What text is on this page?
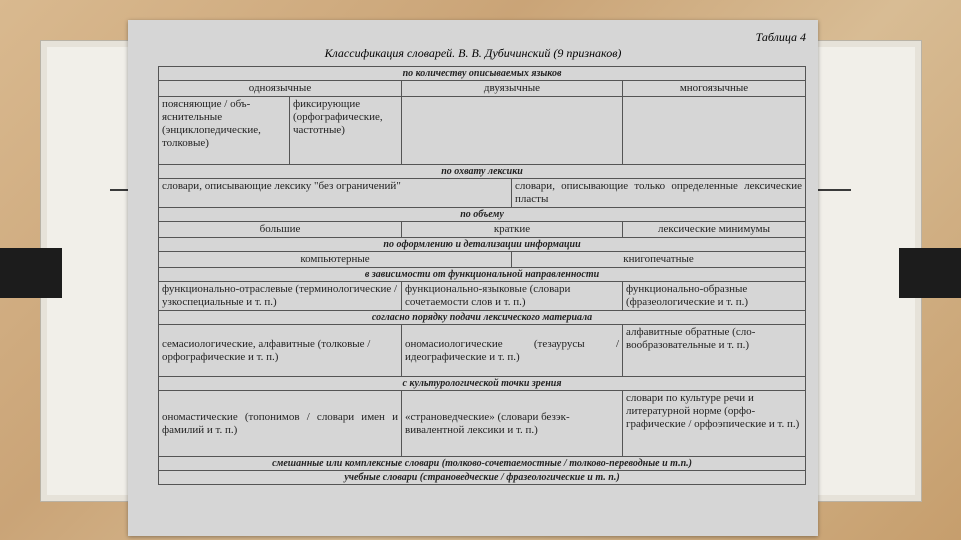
Таблица 4
Классификация словарей. В. В. Дубичинский (9 признаков)
по количеству описываемых языков				
одноязычные		двуязычные		многоязычные
поясняющие / объяснительные (энциклопедические, толковые)	фиксирующие (орфографические, частотные)			
по охвату лексики				
словари, описывающие лексику "без ограничений"			словари, описывающие только определенные лексические пласты	
по объему				
большие		краткие		лексические минимумы
по оформлению и детализации информации				
компьютерные			книгопечатные	
в зависимости от функциональной направленности				
функционально-отраслевые (терминологические / узкоспециальные и т. п.)		функционально-языковые (словари сочетаемости слов и т. п.)		функционально-образные (фразеологические и т. п.)
согласно порядку подачи лексического материала				
семасиологические, алфавитные (толковые / орфографические и т. п.)		ономасиологические (тезаурусы / идеографические и т. п.)		алфавитные обратные (словообразовательные и т. п.)
с культурологической точки зрения				
ономастические (топонимов / словари имен и фамилий и т. п.)		«страноведческие» (словари безэквивалентной лексики и т. п.)		словари по культуре речи и литературной норме (орфографические / орфоэпические и т. п.)
смешанные или комплексные словари (толково-сочетаемостные / толково-переводные и т.п.)				
учебные словари (страноведческие / фразеологические и т. п.)				
